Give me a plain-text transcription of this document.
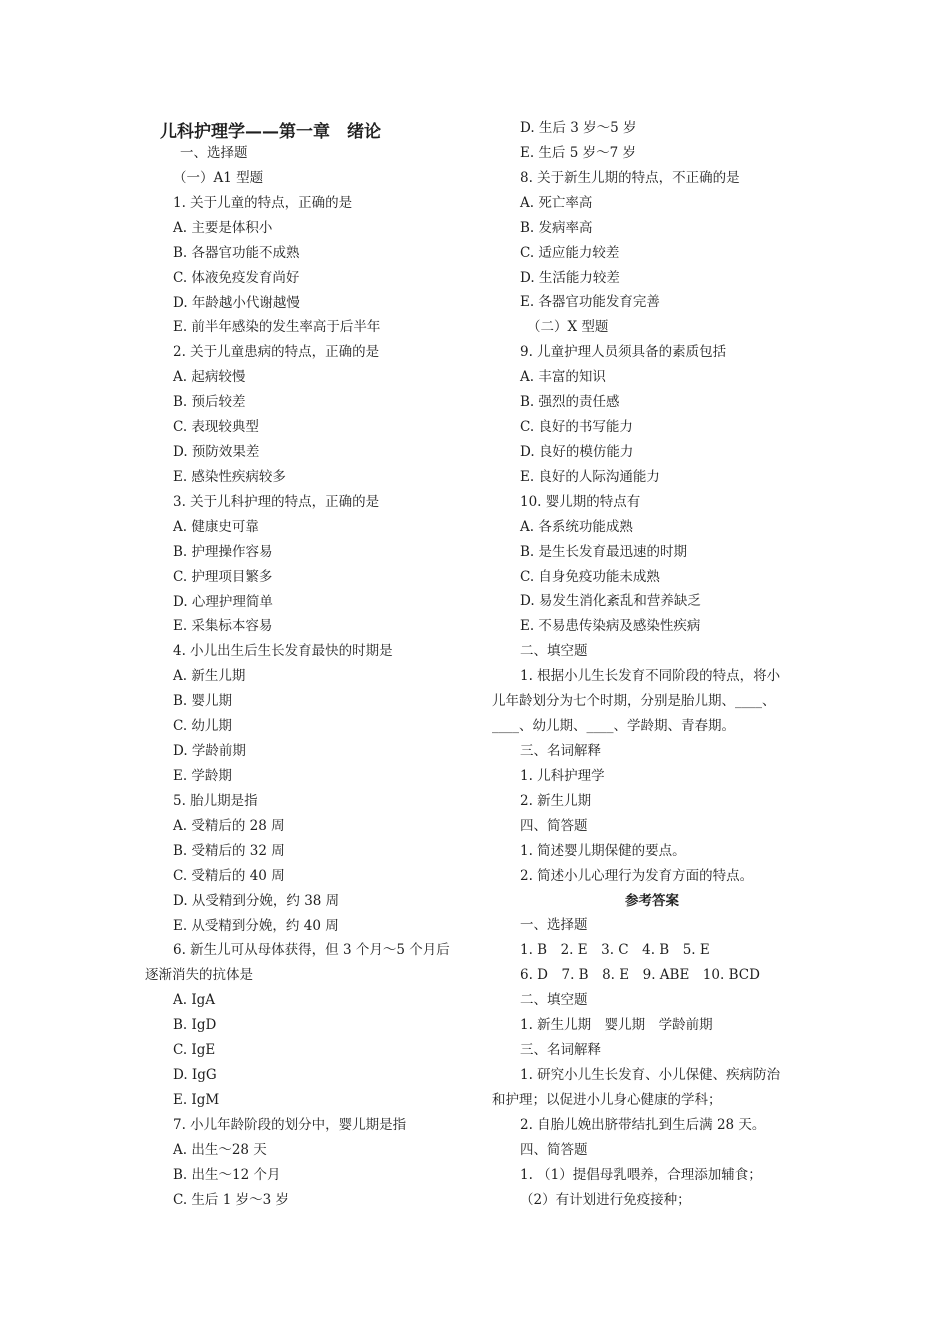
儿科护理学——第一章　绪论
一、选择题
（一）A1 型题
1. 关于儿童的特点，正确的是
A. 主要是体积小
B. 各器官功能不成熟
C. 体液免疫发育尚好
D. 年龄越小代谢越慢
E. 前半年感染的发生率高于后半年
2. 关于儿童患病的特点，正确的是
A. 起病较慢
B. 预后较差
C. 表现较典型
D. 预防效果差
E. 感染性疾病较多
3. 关于儿科护理的特点，正确的是
A. 健康史可靠
B. 护理操作容易
C. 护理项目繁多
D. 心理护理简单
E. 采集标本容易
4. 小儿出生后生长发育最快的时期是
A. 新生儿期
B. 婴儿期
C. 幼儿期
D. 学龄前期
E. 学龄期
5. 胎儿期是指
A. 受精后的 28 周
B. 受精后的 32 周
C. 受精后的 40 周
D. 从受精到分娩，约 38 周
E. 从受精到分娩，约 40 周
6. 新生儿可从母体获得，但 3 个月～5 个月后
逐渐消失的抗体是
A. IgA
B. IgD
C. IgE
D. IgG
E. IgM
7. 小儿年龄阶段的划分中，婴儿期是指
A. 出生～28 天
B. 出生～12 个月
C. 生后 1 岁～3 岁
D. 生后 3 岁～5 岁
E. 生后 5 岁～7 岁
8. 关于新生儿期的特点，不正确的是
A. 死亡率高
B. 发病率高
C. 适应能力较差
D. 生活能力较差
E. 各器官功能发育完善
（二）X 型题
9. 儿童护理人员须具备的素质包括
A. 丰富的知识
B. 强烈的责任感
C. 良好的书写能力
D. 良好的模仿能力
E. 良好的人际沟通能力
10. 婴儿期的特点有
A. 各系统功能成熟
B. 是生长发育最迅速的时期
C. 自身免疫功能未成熟
D. 易发生消化紊乱和营养缺乏
E. 不易患传染病及感染性疾病
二、填空题
1. 根据小儿生长发育不同阶段的特点，将小
儿年龄划分为七个时期，分别是胎儿期、____、
____、幼儿期、____、学龄期、青春期。
三、名词解释
1. 儿科护理学
2. 新生儿期
四、简答题
1. 简述婴儿期保健的要点。
2. 简述小儿心理行为发育方面的特点。
参考答案
一、选择题
1. B　2. E　3. C　4. B　5. E
6. D　7. B　8. E　9. ABE　10. BCD
二、填空题
1. 新生儿期　婴儿期　学龄前期
三、名词解释
1. 研究小儿生长发育、小儿保健、疾病防治
和护理；以促进小儿身心健康的学科；
2. 自胎儿娩出脐带结扎到生后满 28 天。
四、简答题
1. （1）提倡母乳喂养，合理添加辅食；
（2）有计划进行免疫接种；
